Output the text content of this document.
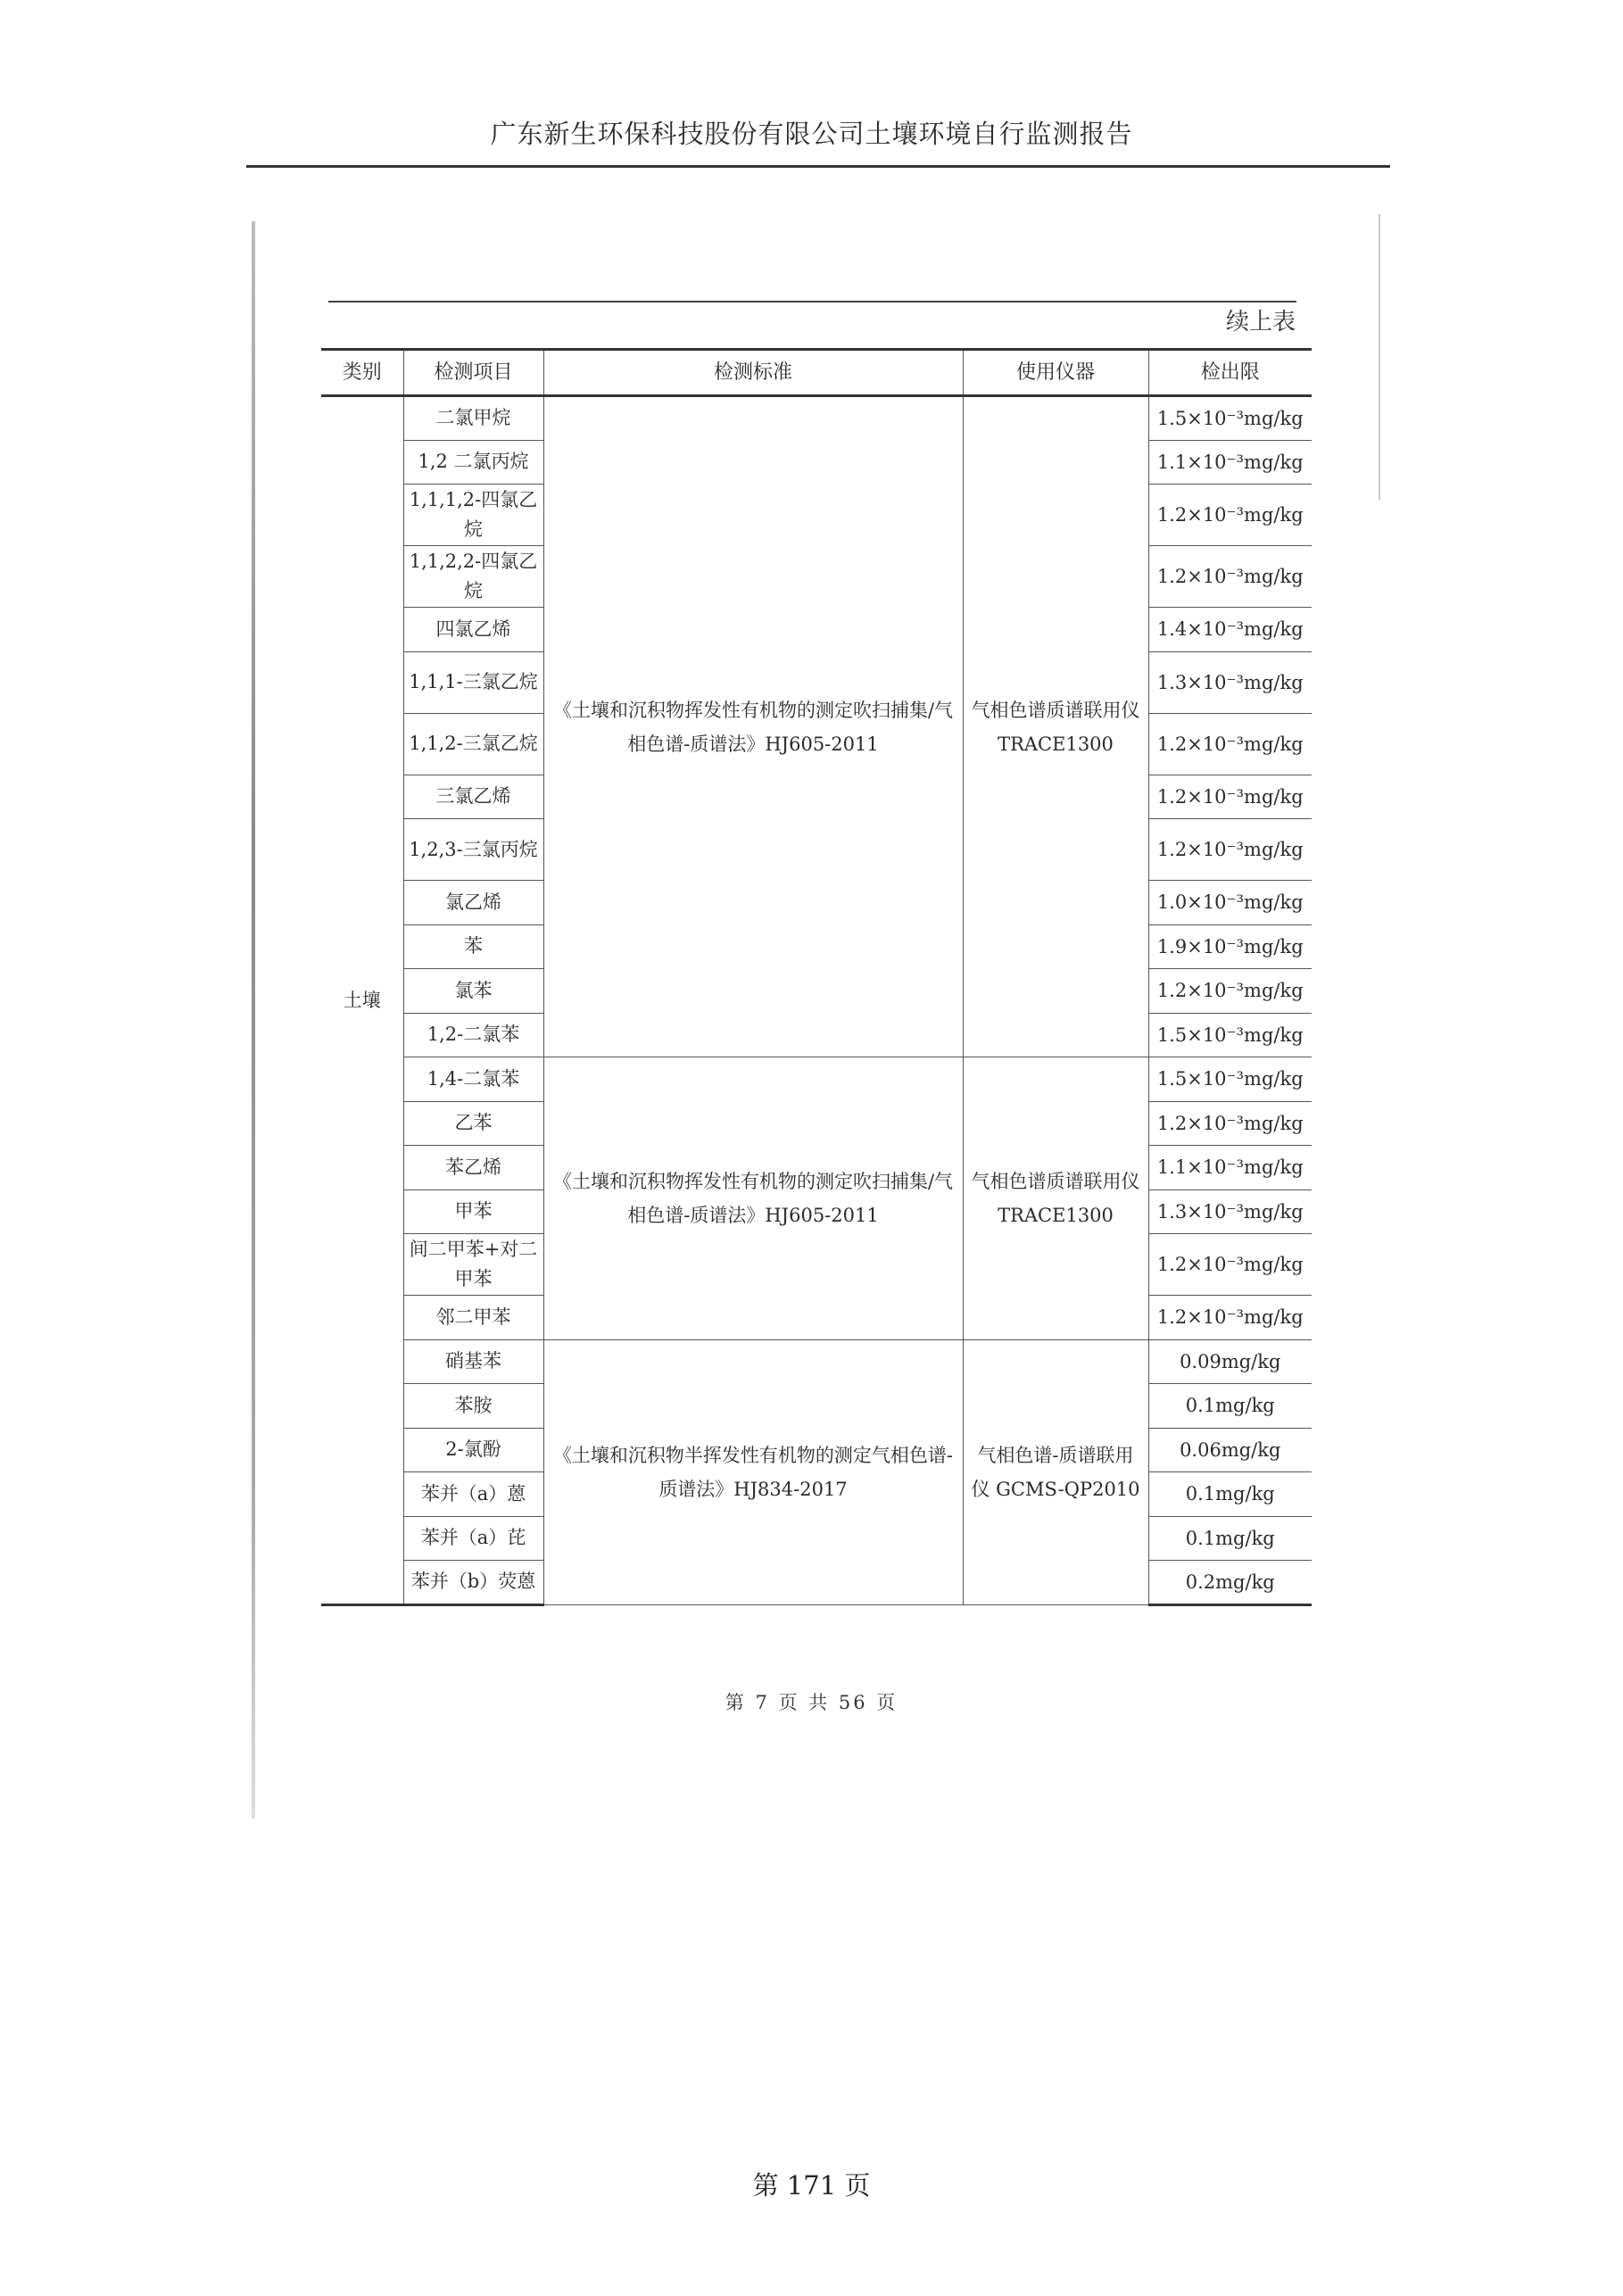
广东新生环保科技股份有限公司土壤环境自行监测报告
续上表
类别	检测项目	检测标准	使用仪器	检出限
土壤	二氯甲烷	《土壤和沉积物挥发性有机物的测定吹扫捕集/气相色谱-质谱法》HJ605-2011	气相色谱质谱联用仪 TRACE1300	1.5×10⁻³mg/kg
	1,2 二氯丙烷			1.1×10⁻³mg/kg
	1,1,1,2-四氯乙烷			1.2×10⁻³mg/kg
	1,1,2,2-四氯乙烷			1.2×10⁻³mg/kg
	四氯乙烯			1.4×10⁻³mg/kg
	1,1,1-三氯乙烷			1.3×10⁻³mg/kg
	1,1,2-三氯乙烷			1.2×10⁻³mg/kg
	三氯乙烯			1.2×10⁻³mg/kg
	1,2,3-三氯丙烷			1.2×10⁻³mg/kg
	氯乙烯			1.0×10⁻³mg/kg
	苯			1.9×10⁻³mg/kg
	氯苯			1.2×10⁻³mg/kg
	1,2-二氯苯			1.5×10⁻³mg/kg
	1,4-二氯苯	《土壤和沉积物挥发性有机物的测定吹扫捕集/气相色谱-质谱法》HJ605-2011	气相色谱质谱联用仪 TRACE1300	1.5×10⁻³mg/kg
	乙苯			1.2×10⁻³mg/kg
	苯乙烯			1.1×10⁻³mg/kg
	甲苯			1.3×10⁻³mg/kg
	间二甲苯+对二甲苯			1.2×10⁻³mg/kg
	邻二甲苯			1.2×10⁻³mg/kg
	硝基苯	《土壤和沉积物半挥发性有机物的测定气相色谱-质谱法》HJ834-2017	气相色谱-质谱联用仪 GCMS-QP2010	0.09mg/kg
	苯胺			0.1mg/kg
	2-氯酚			0.06mg/kg
	苯并（a）蒽			0.1mg/kg
	苯并（a）芘			0.1mg/kg
	苯并（b）荧蒽			0.2mg/kg
第 7 页 共 56 页
第 171 页
